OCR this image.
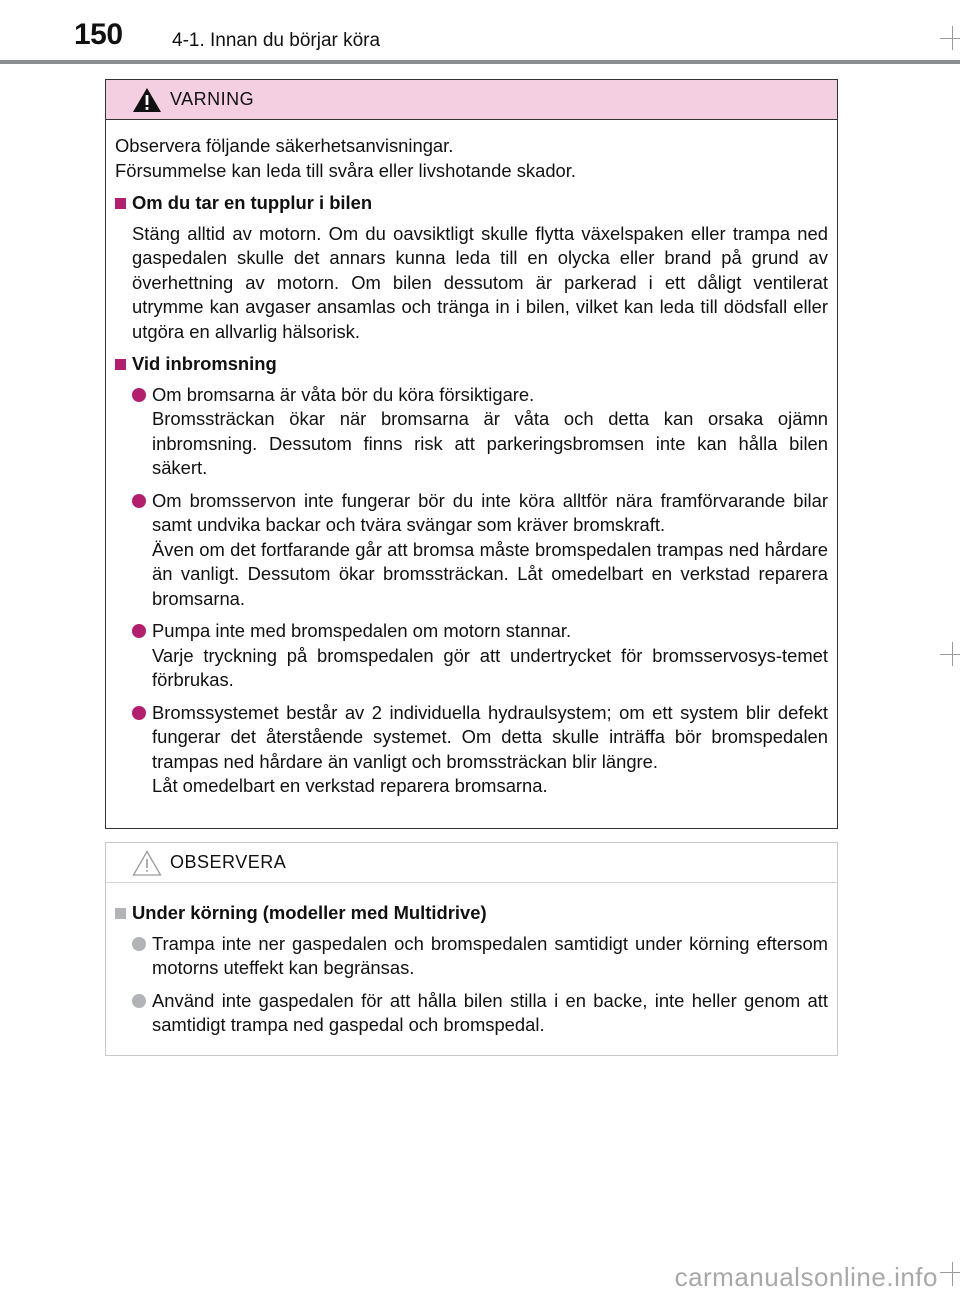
150	4-1. Innan du börjar köra
VARNING
Observera följande säkerhetsanvisningar.
Försummelse kan leda till svåra eller livshotande skador.
Om du tar en tupplur i bilen
Stäng alltid av motorn. Om du oavsiktligt skulle flytta växelspaken eller trampa ned gaspedalen skulle det annars kunna leda till en olycka eller brand på grund av överhettning av motorn. Om bilen dessutom är parkerad i ett dåligt ventilerat utrymme kan avgaser ansamlas och tränga in i bilen, vilket kan leda till dödsfall eller utgöra en allvarlig hälsorisk.
Vid inbromsning
Om bromsarna är våta bör du köra försiktigare.
Bromssträckan ökar när bromsarna är våta och detta kan orsaka ojämn inbromsning. Dessutom finns risk att parkeringsbromsen inte kan hålla bilen säkert.
Om bromsservon inte fungerar bör du inte köra alltför nära framförvarande bilar samt undvika backar och tvära svängar som kräver bromskraft.
Även om det fortfarande går att bromsa måste bromspedalen trampas ned hårdare än vanligt. Dessutom ökar bromssträckan. Låt omedelbart en verkstad reparera bromsarna.
Pumpa inte med bromspedalen om motorn stannar.
Varje tryckning på bromspedalen gör att undertrycket för bromsservosys-temet förbrukas.
Bromssystemet består av 2 individuella hydraulsystem; om ett system blir defekt fungerar det återstående systemet. Om detta skulle inträffa bör bromspedalen trampas ned hårdare än vanligt och bromssträckan blir längre.
Låt omedelbart en verkstad reparera bromsarna.
OBSERVERA
Under körning (modeller med Multidrive)
Trampa inte ner gaspedalen och bromspedalen samtidigt under körning eftersom motorns uteffekt kan begränsas.
Använd inte gaspedalen för att hålla bilen stilla i en backe, inte heller genom att samtidigt trampa ned gaspedal och bromspedal.
carmanualsonline.info
